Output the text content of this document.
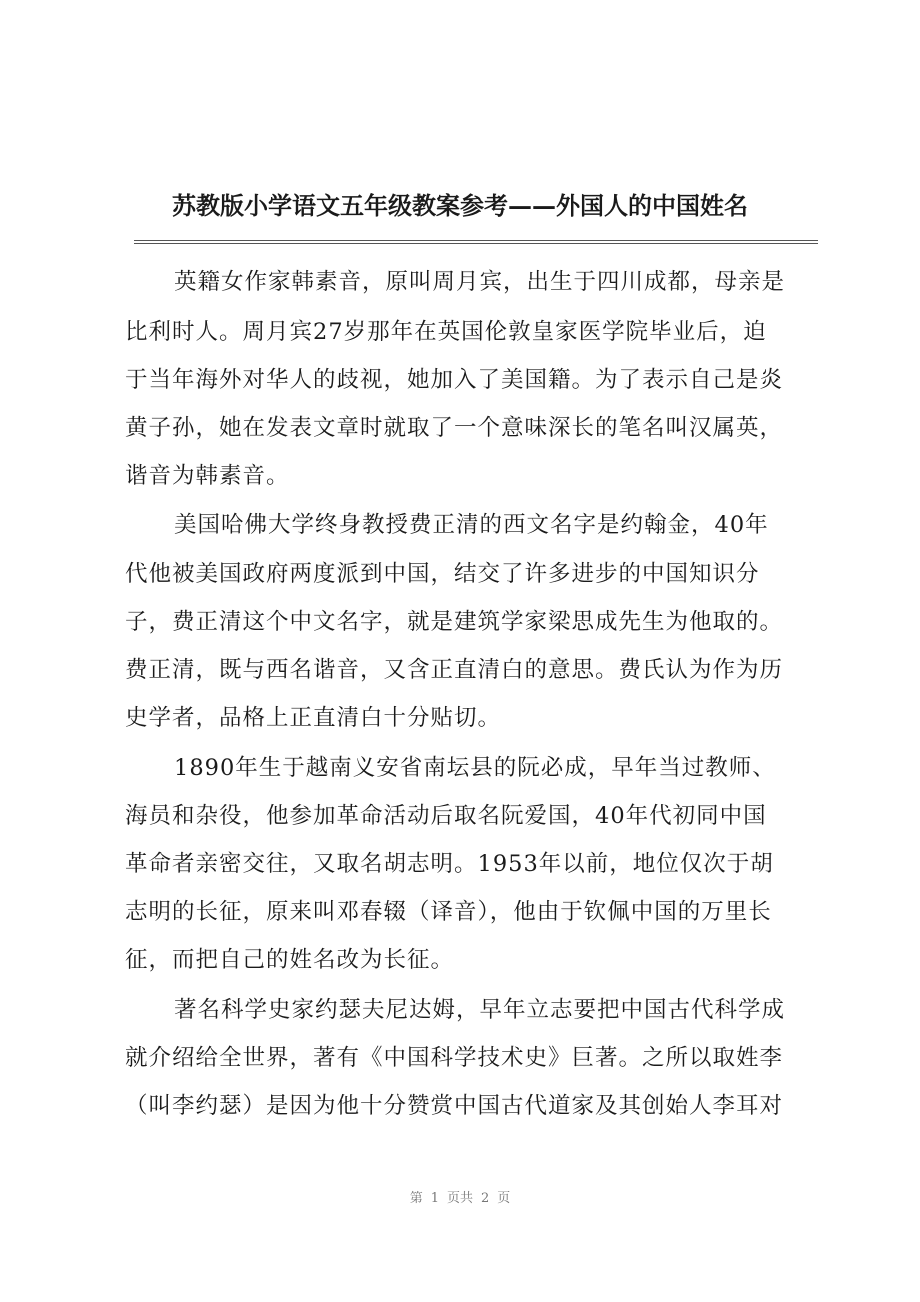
苏教版小学语文五年级教案参考——外国人的中国姓名
英籍女作家韩素音，原叫周月宾，出生于四川成都，母亲是
比利时人。周月宾27岁那年在英国伦敦皇家医学院毕业后，迫
于当年海外对华人的歧视，她加入了美国籍。为了表示自己是炎
黄子孙，她在发表文章时就取了一个意味深长的笔名叫汉属英，
谐音为韩素音。
美国哈佛大学终身教授费正清的西文名字是约翰金，40年
代他被美国政府两度派到中国，结交了许多进步的中国知识分
子，费正清这个中文名字，就是建筑学家梁思成先生为他取的。
费正清，既与西名谐音，又含正直清白的意思。费氏认为作为历
史学者，品格上正直清白十分贴切。
1890年生于越南义安省南坛县的阮必成，早年当过教师、
海员和杂役，他参加革命活动后取名阮爱国，40年代初同中国
革命者亲密交往，又取名胡志明。1953年以前，地位仅次于胡
志明的长征，原来叫邓春辍（译音），他由于钦佩中国的万里长
征，而把自己的姓名改为长征。
著名科学史家约瑟夫尼达姆，早年立志要把中国古代科学成
就介绍给全世界，著有《中国科学技术史》巨著。之所以取姓李
（叫李约瑟）是因为他十分赞赏中国古代道家及其创始人李耳对
第 1 页共 2 页
